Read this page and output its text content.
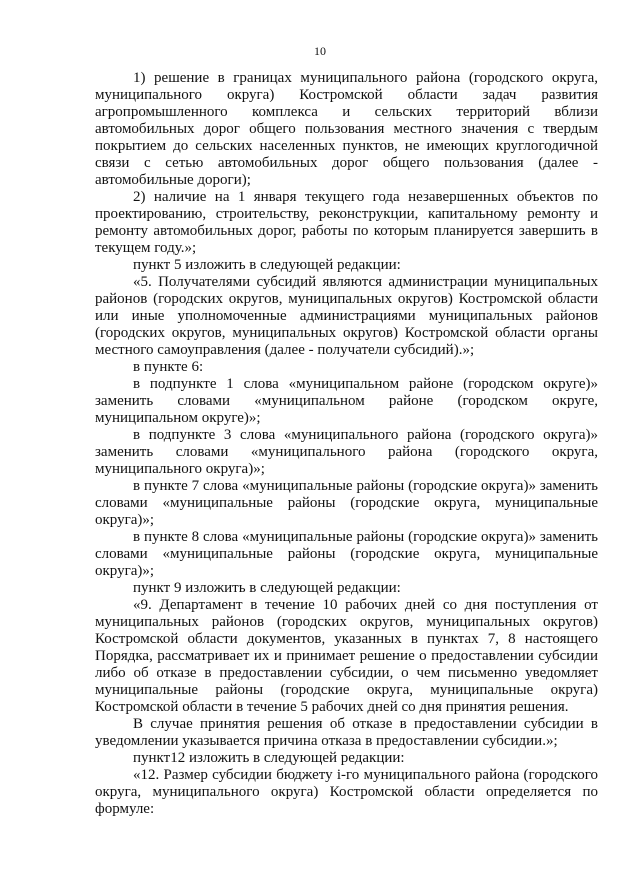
10

1) решение в границах муниципального района (городского округа, муниципального округа) Костромской области задач развития агропромышленного комплекса и сельских территорий вблизи автомобильных дорог общего пользования местного значения с твердым покрытием до сельских населенных пунктов, не имеющих круглогодичной связи с сетью автомобильных дорог общего пользования (далее - автомобильные дороги);

2) наличие на 1 января текущего года незавершенных объектов по проектированию, строительству, реконструкции, капитальному ремонту и ремонту автомобильных дорог, работы по которым планируется завершить в текущем году.»;

пункт 5 изложить в следующей редакции:

«5. Получателями субсидий являются администрации муниципальных районов (городских округов, муниципальных округов) Костромской области или иные уполномоченные администрациями муниципальных районов (городских округов, муниципальных округов) Костромской области органы местного самоуправления (далее - получатели субсидий).»;

в пункте 6:

в подпункте 1 слова «муниципальном районе (городском округе)» заменить словами «муниципальном районе (городском округе, муниципальном округе)»;

в подпункте 3 слова «муниципального района (городского округа)» заменить словами «муниципального района (городского округа, муниципального округа)»;

в пункте 7 слова «муниципальные районы (городские округа)» заменить словами «муниципальные районы (городские округа, муниципальные округа)»;

в пункте 8 слова «муниципальные районы (городские округа)» заменить словами «муниципальные районы (городские округа, муниципальные округа)»;

пункт 9 изложить в следующей редакции:

«9. Департамент в течение 10 рабочих дней со дня поступления от муниципальных районов (городских округов, муниципальных округов) Костромской области документов, указанных в пунктах 7, 8 настоящего Порядка, рассматривает их и принимает решение о предоставлении субсидии либо об отказе в предоставлении субсидии, о чем письменно уведомляет муниципальные районы (городские округа, муниципальные округа) Костромской области в течение 5 рабочих дней со дня принятия решения.

В случае принятия решения об отказе в предоставлении субсидии в уведомлении указывается причина отказа в предоставлении субсидии.»;

пункт12 изложить в следующей редакции:

«12. Размер субсидии бюджету i-го муниципального района (городского округа, муниципального округа) Костромской области определяется по формуле:
